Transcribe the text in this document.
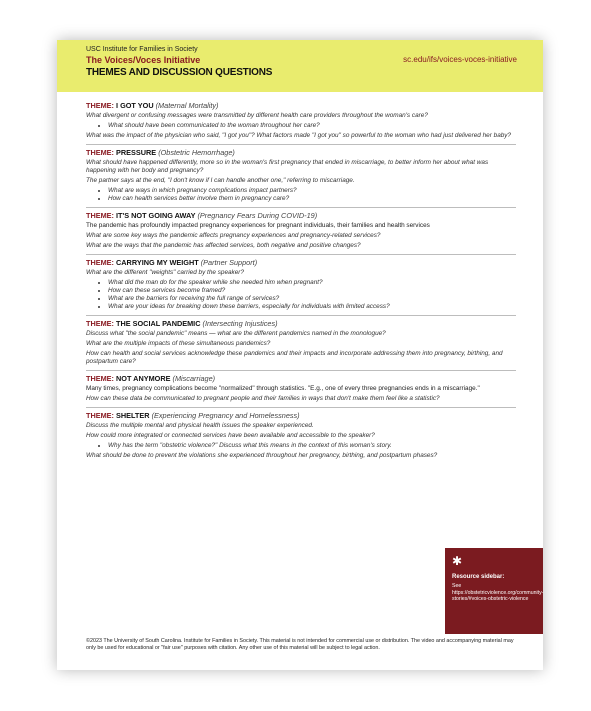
USC Institute for Families in Society
The Voices/Voces Initiative
THEMES AND DISCUSSION QUESTIONS
sc.edu/ifs/voices-voces-initiative
THEME: I GOT YOU (Maternal Mortality)
What divergent or confusing messages were transmitted by different health care providers throughout the woman's care?
• What should have been communicated to the woman throughout her care?
What was the impact of the physician who said, "I got you"? What factors made "I got you" so powerful to the woman who had just delivered her baby?
THEME: PRESSURE (Obstetric Hemorrhage)
What should have happened differently, more so in the woman's first pregnancy that ended in miscarriage, to better inform her about what was happening with her body and pregnancy?
The partner says at the end, "I don't know if I can handle another one," referring to miscarriage.
• What are ways in which pregnancy complications impact partners?
• How can health services better involve them in pregnancy care?
THEME: IT'S NOT GOING AWAY (Pregnancy Fears During COVID-19)
The pandemic has profoundly impacted pregnancy experiences for pregnant individuals, their families and health services
What are some key ways the pandemic affects pregnancy experiences and pregnancy-related services?
What are the ways that the pandemic has affected services, both negative and positive changes?
THEME: CARRYING MY WEIGHT (Partner Support)
What are the different "weights" carried by the speaker?
• What did the man do for the speaker while she needed him when pregnant?
• How can these services become framed?
• What are the barriers for receiving the full range of services?
• What are your ideas for breaking down these barriers, especially for individuals with limited access?
THEME: THE SOCIAL PANDEMIC (Intersecting Injustices)
Discuss what "the social pandemic" means — what are the different pandemics named in the monologue?
What are the multiple impacts of these simultaneous pandemics?
How can health and social services acknowledge these pandemics and their impacts and incorporate addressing them into pregnancy, birthing, and postpartum care?
THEME: NOT ANYMORE (Miscarriage)
Many times, pregnancy complications become "normalized" through statistics. "E.g., one of every three pregnancies ends in a miscarriage."
How can these data be communicated to pregnant people and their families in ways that don't make them feel like a statistic?
THEME: SHELTER (Experiencing Pregnancy and Homelessness)
Discuss the multiple mental and physical health issues the speaker experienced.
How could more integrated or connected services have been available and accessible to the speaker?
• Why has the term "obstetric violence?" Discuss what this means in the context of this woman's story.
What should be done to prevent the violations she experienced throughout her pregnancy, birthing, and postpartum phases?
✱
Resource sidebar:
See https://obstetricviolence.org/community-stories/#voices-obstetric-violence
©2023 The University of South Carolina. Institute for Families in Society. This material is not intended for commercial use or distribution. The video and accompanying material may only be used for educational or "fair use" purposes with citation. Any other use of this material will be subject to legal action.
